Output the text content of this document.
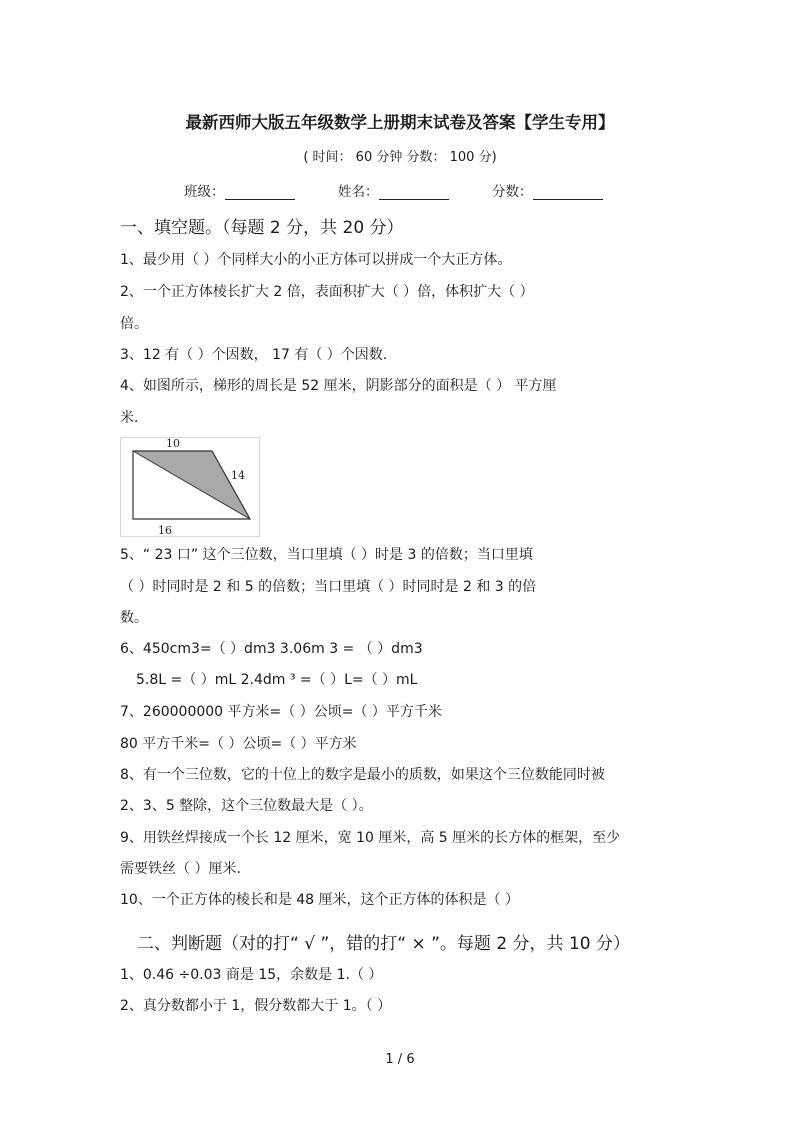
最新西师大版五年级数学上册期末试卷及答案【学生专用】
( 时间： 60 分钟 分数： 100 分)
班级：	姓名：	分数：
一、填空题。（每题 2 分，共 20 分）
1、最少用（ ）个同样大小的小正方体可以拼成一个大正方体。
2、一个正方体棱长扩大 2 倍，表面积扩大（ ）倍，体积扩大（ ）
倍。
3、12 有（ ）个因数， 17 有（ ）个因数.
4、如图所示，梯形的周长是 52 厘米，阴影部分的面积是（ ） 平方厘
米.
10
14
16
5、“ 23 口” 这个三位数，当口里填（ ）时是 3 的倍数；当口里填
（ ）时同时是 2 和 5 的倍数；当口里填（ ）时同时是 2 和 3 的倍
数。
6、450cm3=（ ）dm3 3.06m 3 = （ ）dm3
5.8L =（ ）mL 2.4dm ³ =（ ）L=（ ）mL
7、260000000 平方米=（ ）公顷=（ ）平方千米
80 平方千米=（ ）公顷=（ ）平方米
8、有一个三位数，它的十位上的数字是最小的质数，如果这个三位数能同时被
2、3、5 整除，这个三位数最大是（ ）。
9、用铁丝焊接成一个长 12 厘米，宽 10 厘米，高 5 厘米的长方体的框架，至少
需要铁丝（ ）厘米.
10、一个正方体的棱长和是 48 厘米，这个正方体的体积是（ ）
二、判断题（对的打“ √ ”，错的打“ × ”。每题 2 分，共 10 分）
1、0.46 ÷0.03 商是 15，余数是 1.（ ）
2、真分数都小于 1，假分数都大于 1。（ ）
1 / 6
